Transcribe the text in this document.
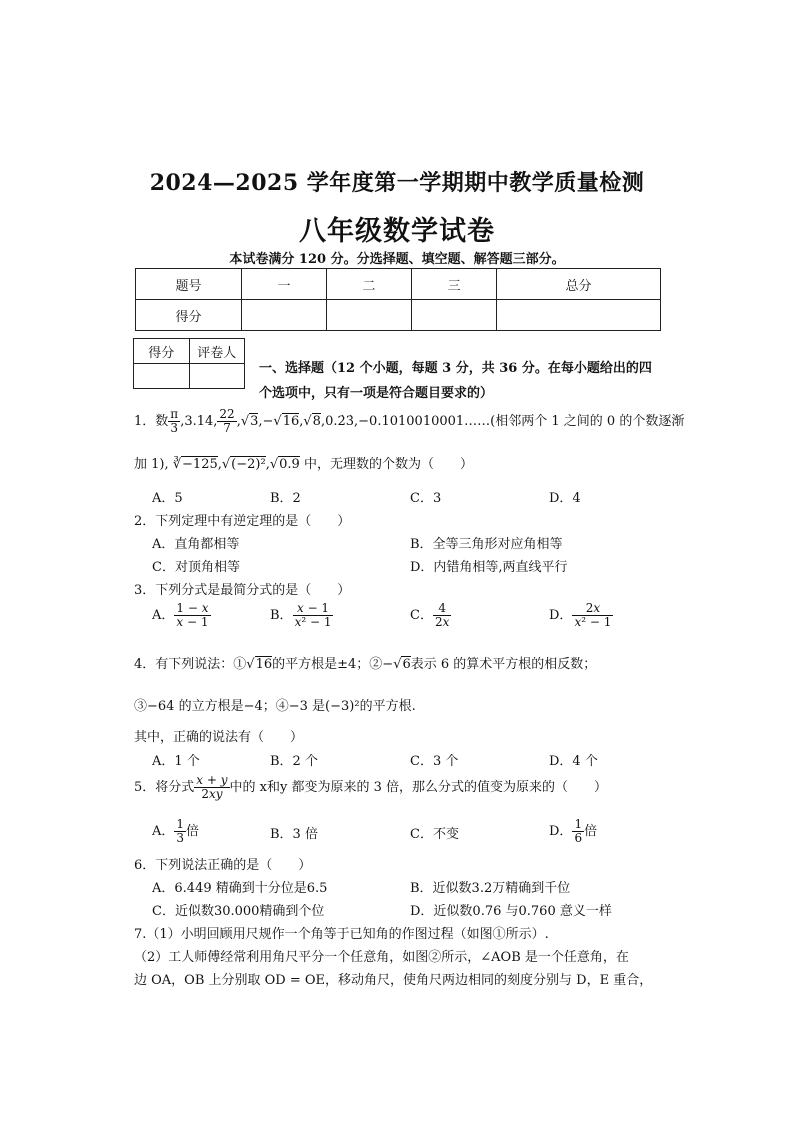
2024—2025 学年度第一学期期中教学质量检测
八年级数学试卷
本试卷满分 120 分。分选择题、填空题、解答题三部分。
题号	一	二	三	总分
得分				
得分	评卷人

一、选择题（12 个小题，每题 3 分，共 36 分。在每小题给出的四
个选项中，只有一项是符合题目要求的）
1．数 $\frac{\pi}{3} ,3.14$, $\frac{22}{7}$ ,√3,−√16,√8,0.2̇3̇,−0.1010010001……(相邻两个 1 之间的 0 的个数逐渐
加 1), ∛−125,√(−2)²,√0.9 中，无理数的个数为（　　）
A．5	B．2	C．3	D．4
2．下列定理中有逆定理的是（　　）
A．直角都相等	B．全等三角形对应角相等
C．对顶角相等	D．内错角相等,两直线平行
3．下列分式是最简分式的是（　　）
A． $\frac{1 - x}{x - 1}$	B． $\frac{x - 1}{\text{x² − 1}}$	C． $\frac{4}{2x}$	D． $\frac{2x}{\text{x² − 1}}$
4．有下列说法：①√16的平方根是±4；②−√6表示 6 的算术平方根的相反数；
③−64 的立方根是−4；④−3 是(−3)²的平方根.
其中，正确的说法有（　　）
A．1 个	B．2 个	C．3 个	D．4 个
5．将分式 $\frac{x + y}{2xy}$ 中的 x和y 都变为原来的 3 倍，那么分式的值变为原来的（　　）
A． $\frac{1}{3}$ 倍	B．3 倍	C．不变	D． $\frac{1}{6}$ 倍
6．下列说法正确的是（　　）
A．6.449 精确到十分位是6.5	B．近似数3.2万精确到千位
C．近似数30.000精确到个位	D．近似数0.76 与0.760 意义一样
7.（1）小明回顾用尺规作一个角等于已知角的作图过程（如图①所示）.
（2）工人师傅经常利用角尺平分一个任意角，如图②所示，∠AOB 是一个任意角，在
边 OA，OB 上分别取 OD = OE，移动角尺，使角尺两边相同的刻度分别与 D，E 重合，
